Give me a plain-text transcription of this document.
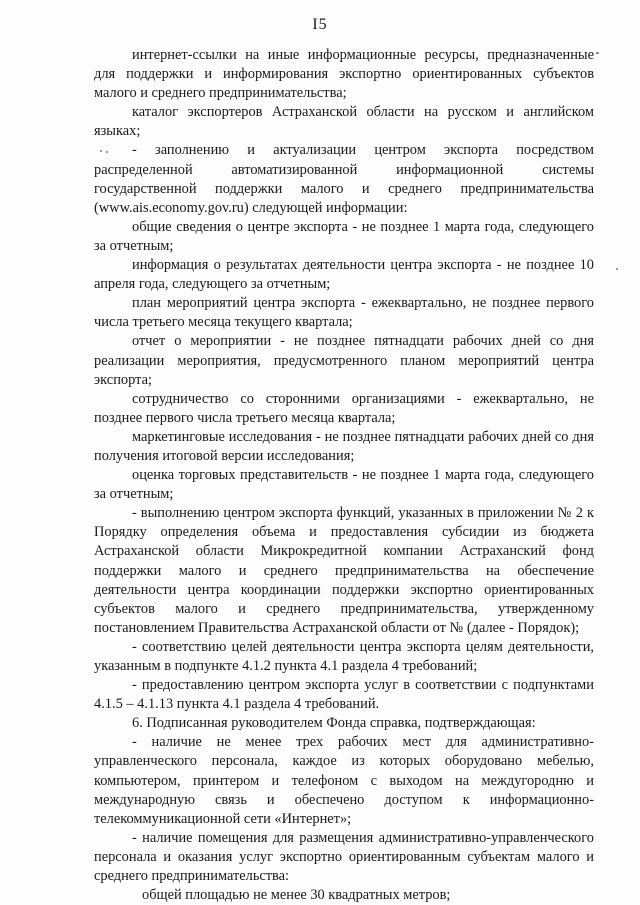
I5

интернет-ссылки на иные информационные ресурсы, предназначенные для поддержки и информирования экспортно ориентированных субъектов малого и среднего предпринимательства;

каталог экспортеров Астраханской области на русском и английском языках;

- заполнению и актуализации центром экспорта посредством распределенной автоматизированной информационной системы государственной поддержки малого и среднего предпринимательства (www.ais.economy.gov.ru) следующей информации:

общие сведения о центре экспорта - не позднее 1 марта года, следующего за отчетным;

информация о результатах деятельности центра экспорта - не позднее 10 апреля года, следующего за отчетным;

план мероприятий центра экспорта - ежеквартально, не позднее первого числа третьего месяца текущего квартала;

отчет о мероприятии - не позднее пятнадцати рабочих дней со дня реализации мероприятия, предусмотренного планом мероприятий центра экспорта;

сотрудничество со сторонними организациями - ежеквартально, не позднее первого числа третьего месяца квартала;

маркетинговые исследования - не позднее пятнадцати рабочих дней со дня получения итоговой версии исследования;

оценка торговых представительств - не позднее 1 марта года, следующего за отчетным;

- выполнению центром экспорта функций, указанных в приложении № 2 к Порядку определения объема и предоставления субсидии из бюджета Астраханской области Микрокредитной компании Астраханский фонд поддержки малого и среднего предпринимательства на обеспечение деятельности центра координации поддержки экспортно ориентированных субъектов малого и среднего предпринимательства, утвержденному постановлением Правительства Астраханской области от № (далее - Порядок);

- соответствию целей деятельности центра экспорта целям деятельности, указанным в подпункте 4.1.2 пункта 4.1 раздела 4 требований;

- предоставлению центром экспорта услуг в соответствии с подпунктами 4.1.5 – 4.1.13 пункта 4.1 раздела 4 требований.

6. Подписанная руководителем Фонда справка, подтверждающая:

- наличие не менее трех рабочих мест для административно-управленческого персонала, каждое из которых оборудовано мебелью, компьютером, принтером и телефоном с выходом на междугородню и международную связь и обеспечено доступом к информационно-телекоммуникационной сети «Интернет»;

- наличие помещения для размещения административно-управленческого персонала и оказания услуг экспортно ориентированным субъектам малого и среднего предпринимательства:

общей площадью не менее 30 квадратных метров;
